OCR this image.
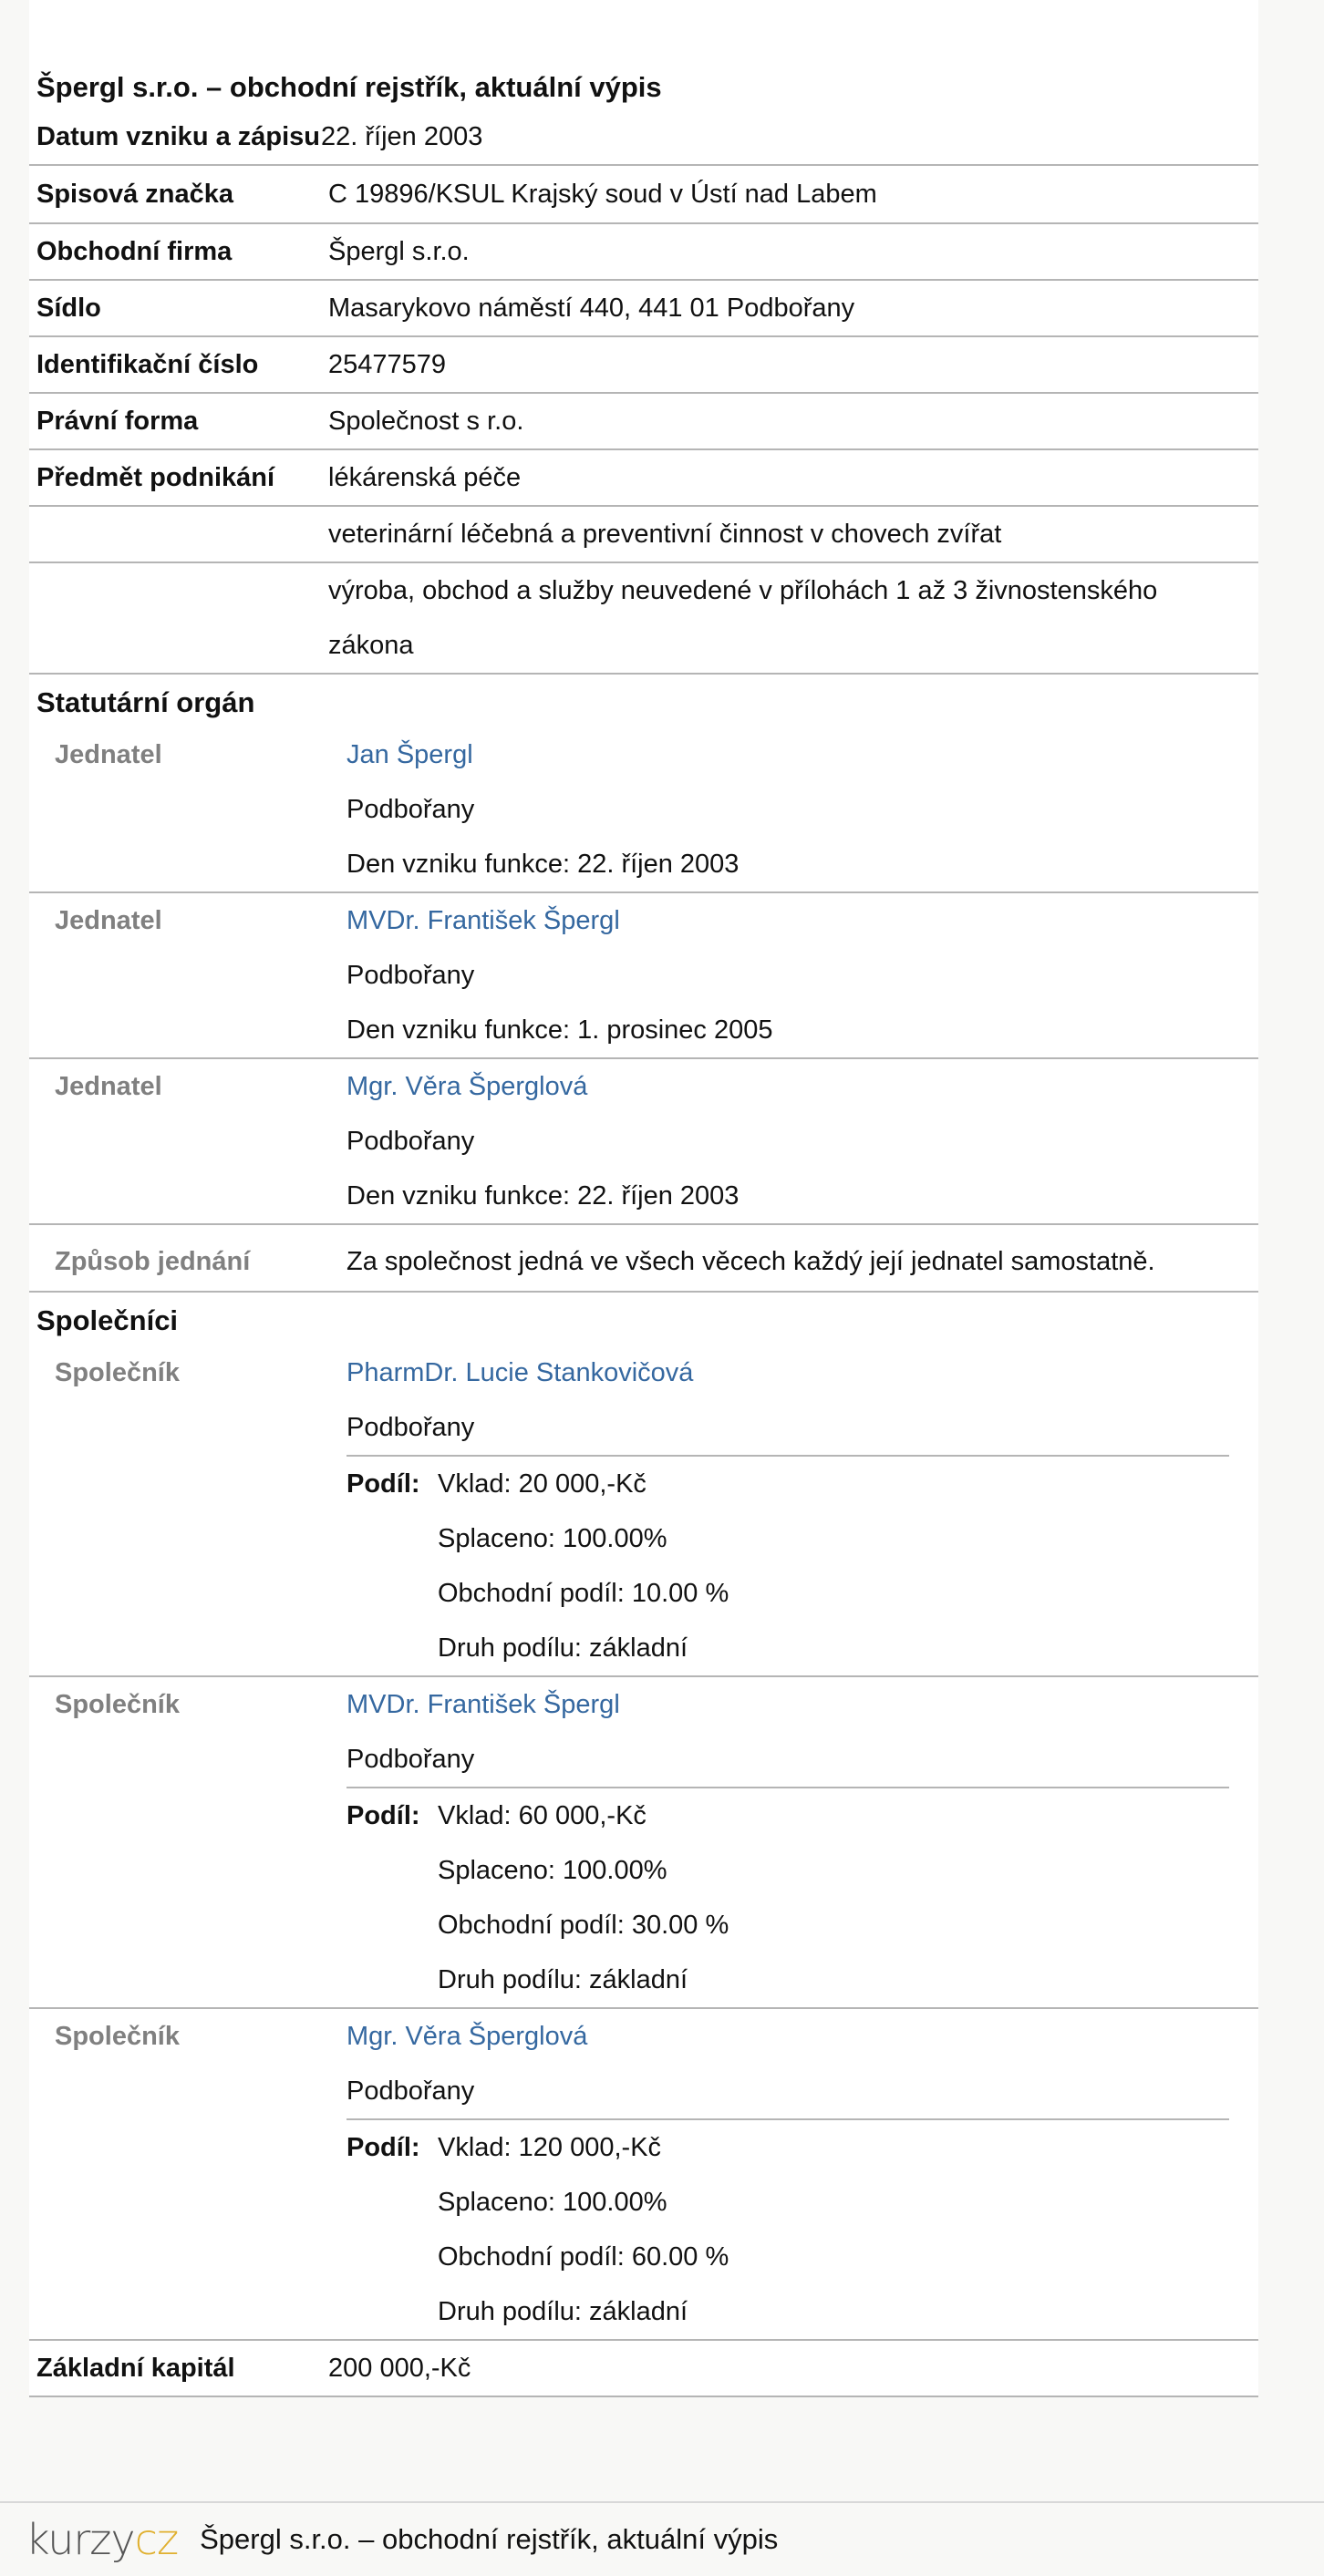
Špergl s.r.o. – obchodní rejstřík, aktuální výpis
Datum vzniku a zápisu 22. říjen 2003
Spisová značka	C 19896/KSUL Krajský soud v Ústí nad Labem
Obchodní firma	Špergl s.r.o.
Sídlo	Masarykovo náměstí 440, 441 01 Podbořany
Identifikační číslo	25477579
Právní forma	Společnost s r.o.
Předmět podnikání	lékárenská péče
veterinární léčebná a preventivní činnost v chovech zvířat
výroba, obchod a služby neuvedené v přílohách 1 až 3 živnostenského zákona
Statutární orgán
Jednatel	Jan Špergl
Podbořany
Den vzniku funkce: 22. říjen 2003
Jednatel	MVDr. František Špergl
Podbořany
Den vzniku funkce: 1. prosinec 2005
Jednatel	Mgr. Věra Šperglová
Podbořany
Den vzniku funkce: 22. říjen 2003
Způsob jednání	Za společnost jedná ve všech věcech každý její jednatel samostatně.
Společníci
Společník	PharmDr. Lucie Stankovičová
Podbořany
Podíl: Vklad: 20 000,-Kč
Splaceno: 100.00%
Obchodní podíl: 10.00 %
Druh podílu: základní
Společník	MVDr. František Špergl
Podbořany
Podíl: Vklad: 60 000,-Kč
Splaceno: 100.00%
Obchodní podíl: 30.00 %
Druh podílu: základní
Společník	Mgr. Věra Šperglová
Podbořany
Podíl: Vklad: 120 000,-Kč
Splaceno: 100.00%
Obchodní podíl: 60.00 %
Druh podílu: základní
Základní kapitál	200 000,-Kč
kurzycz Špergl s.r.o. – obchodní rejstřík, aktuální výpis
